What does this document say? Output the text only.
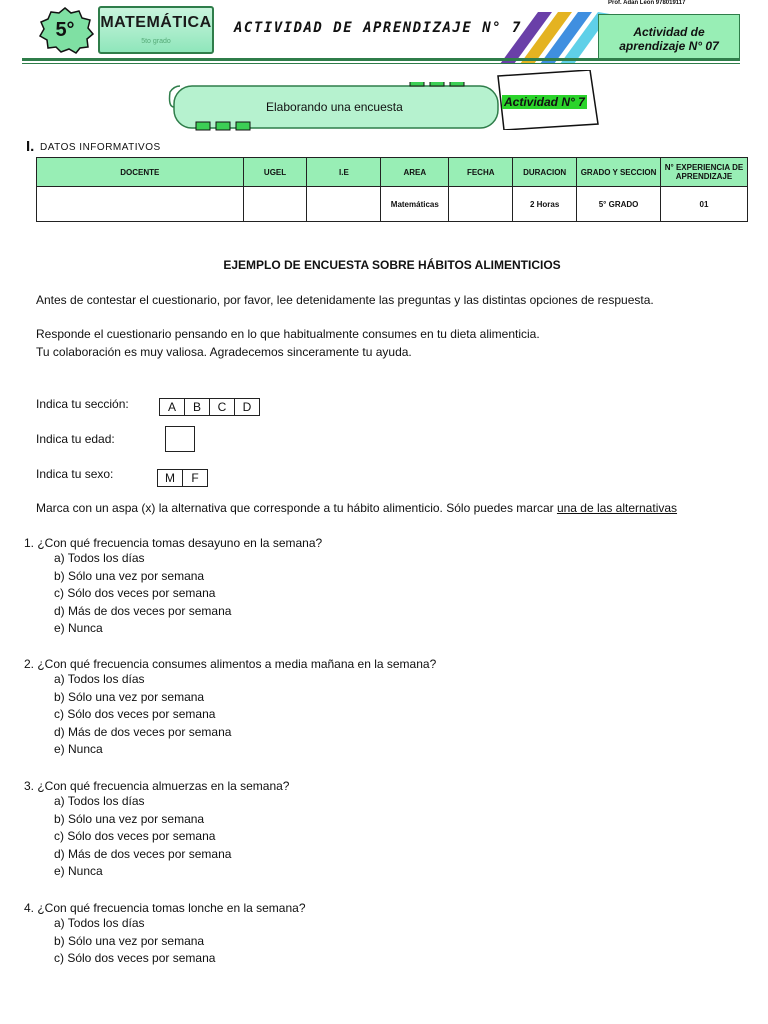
5°	MATEMÁTICA
5to grado
ACTIVIDAD DE APRENDIZAJE N° 7
Prof. Adan Leon 978019117
Actividad de
aprendizaje N° 07
Elaborando una encuesta	Actividad N° 7
I. DATOS INFORMATIVOS
DOCENTE	UGEL	I.E	AREA	FECHA	DURACION	GRADO Y SECCION	N° EXPERIENCIA DE APRENDIZAJE
			Matemáticas		2 Horas	5° GRADO	01
EJEMPLO DE ENCUESTA SOBRE HÁBITOS ALIMENTICIOS
Antes de contestar el cuestionario, por favor, lee detenidamente las preguntas y las distintas opciones de respuesta.
Responde el cuestionario pensando en lo que habitualmente consumes en tu dieta alimenticia.
Tu colaboración es muy valiosa. Agradecemos sinceramente tu ayuda.
Indica tu sección:	A	B	C	D
Indica tu edad:
Indica tu sexo:	M	F
Marca con un aspa (x) la alternativa que corresponde a tu hábito alimenticio. Sólo puedes marcar una de las alternativas
1. ¿Con qué frecuencia tomas desayuno en la semana?
a) Todos los días
b) Sólo una vez por semana
c) Sólo dos veces por semana
d) Más de dos veces por semana
e) Nunca
2. ¿Con qué frecuencia consumes alimentos a media mañana en la semana?
a) Todos los días
b) Sólo una vez por semana
c) Sólo dos veces por semana
d) Más de dos veces por semana
e) Nunca
3. ¿Con qué frecuencia almuerzas en la semana?
a) Todos los días
b) Sólo una vez por semana
c) Sólo dos veces por semana
d) Más de dos veces por semana
e) Nunca
4. ¿Con qué frecuencia tomas lonche en la semana?
a) Todos los días
b) Sólo una vez por semana
c) Sólo dos veces por semana
